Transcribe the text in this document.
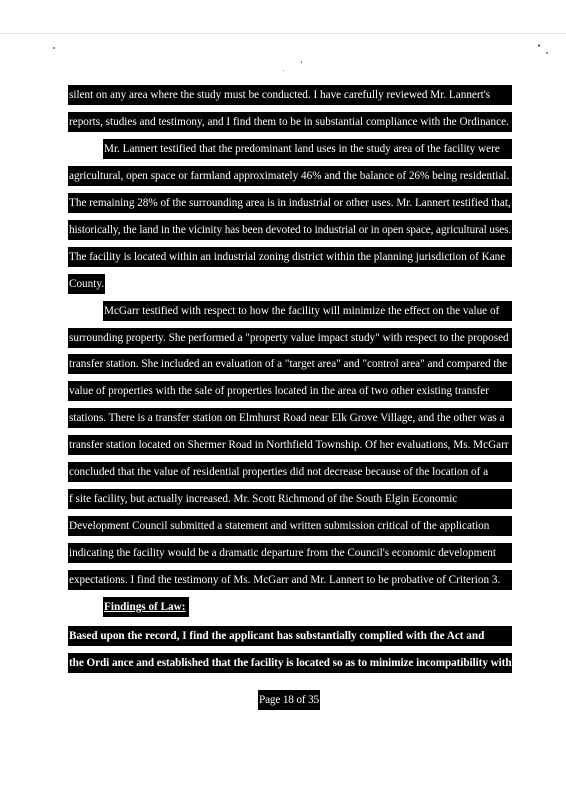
silent on any area where the study must be conducted. I have carefully reviewed Mr. Lannert's
reports, studies and testimony, and I find them to be in substantial compliance with the Ordinance.
Mr. Lannert testified that the predominant land uses in the study area of the facility were
agricultural, open space or farmland approximately 46% and the balance of 26% being residential.
The remaining 28% of the surrounding area is in industrial or other uses. Mr. Lannert testified that,
historically, the land in the vicinity has been devoted to industrial or in open space, agricultural uses.
The facility is located within an industrial zoning district within the planning jurisdiction of Kane
County.
McGarr testified with respect to how the facility will minimize the effect on the value of
surrounding property. She performed a "property value impact study" with respect to the proposed
transfer station. She included an evaluation of a "target area" and "control area" and compared the
value of properties with the sale of properties located in the area of two other existing transfer
stations. There is a transfer station on Elmhurst Road near Elk Grove Village, and the other was a
transfer station located on Shermer Road in Northfield Township. Of her evaluations, Ms. McGarr
concluded that the value of residential properties did not decrease because of the location of a
f site facility, but actually increased. Mr. Scott Richmond of the South Elgin Economic
Development Council submitted a statement and written submission critical of the application
indicating the facility would be a dramatic departure from the Council's economic development
expectations. I find the testimony of Ms. McGarr and Mr. Lannert to be probative of Criterion 3.
Findings of Law:
Based upon the record, I find the applicant has substantially complied with the Act and
the Ordi ance and established that the facility is located so as to minimize incompatibility with
Page 18 of 35
